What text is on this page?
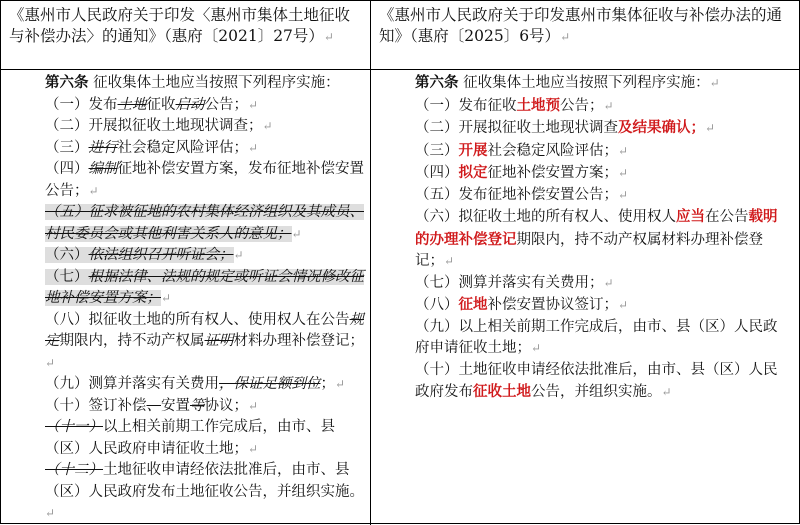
《惠州市人民政府关于印发〈惠州市集体土地征收与补偿办法〉的通知》（惠府〔2021〕27号）↵
《惠州市人民政府关于印发惠州市集体征收与补偿办法的通知》（惠府〔2025〕6号）↵

第六条 征收集体土地应当按照下列程序实施：

（一）发布土地征收启动公告；↵

（二）开展拟征收土地现状调查；↵

（三）进行社会稳定风险评估；↵

（四）编制征地补偿安置方案，发布征地补偿安置公告；↵

（五）征求被征地的农村集体经济组织及其成员、村民委员会或其他利害关系人的意见；↵

（六）依法组织召开听证会；↵

（七）根据法律、法规的规定或听证会情况修改征地补偿安置方案；↵

（八）拟征收土地的所有权人、使用权人在公告规定期限内，持不动产权属证明材料办理补偿登记；↵

（九）测算并落实有关费用，保证足额到位；↵

（十）签订补偿、安置等协议；↵

（十一）以上相关前期工作完成后，由市、县（区）人民政府申请征收土地；↵

（十二）土地征收申请经依法批准后，由市、县（区）人民政府发布土地征收公告，并组织实施。↵

第六条 征收集体土地应当按照下列程序实施：↵

（一）发布征收土地预公告；↵

（二）开展拟征收土地现状调查及结果确认；↵

（三）开展社会稳定风险评估；↵

（四）拟定征地补偿安置方案；↵

（五）发布征地补偿安置公告；↵

（六）拟征收土地的所有权人、使用权人应当在公告载明的办理补偿登记期限内，持不动产权属材料办理补偿登记；↵

（七）测算并落实有关费用；↵

（八）征地补偿安置协议签订；↵

（九）以上相关前期工作完成后，由市、县（区）人民政府申请征收土地；↵

（十）土地征收申请经依法批准后，由市、县（区）人民政府发布征收土地公告，并组织实施。↵
